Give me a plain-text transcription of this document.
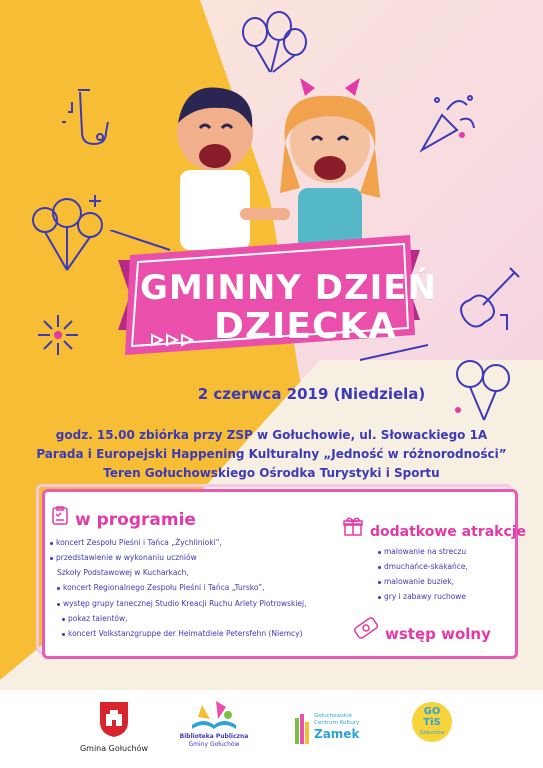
GMINNY DZIEŃ
DZIECKA
2 czerwca 2019 (Niedziela)
godz. 15.00 zbiórka przy ZSP w Gołuchowie, ul. Słowackiego 1A
Parada i Europejski Happening Kulturalny „Jedność w różnorodności”
Teren Gołuchowskiego Ośrodka Turystyki i Sportu
w programie
koncert Zespołu Pieśni i Tańca „Żychlinioki”,
przedstawienie w wykonaniu uczniów
Szkoły Podstawowej w Kucharkach,
koncert Regionalnego Zespołu Pieśni i Tańca „Tursko”,
występ grupy tanecznej Studio Kreacji Ruchu Arlety Piotrowskiej,
pokaz talentów,
koncert Volkstanzgruppe der Heimatdiele Petersfehn (Niemcy)
dodatkowe atrakcje
malowanie na streczu
dmuchańce-skakańce,
malowanie buziek,
gry i zabawy ruchowe
wstęp wolny
Gmina Gołuchów
Biblioteka Publiczna
Gminy Gołuchów
Gołuchowskie
Centrum Kultury
Zamek
GO
TiS
Gołuchów
